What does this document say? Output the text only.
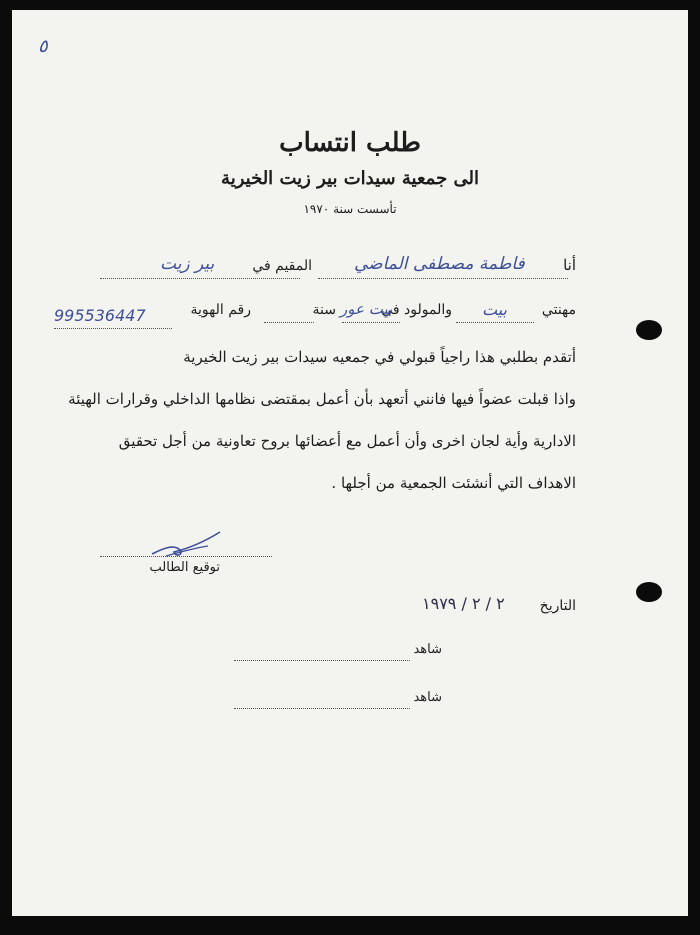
٥
طلب انتساب
الى جمعية سيدات بير زيت الخيرية
تأسست سنة ١٩٧٠
أنا
فاطمة مصطفى الماضي
المقيم في
بير زيت
مهنتي
بيت
والمولود في
بيت عور
سنة
رقم الهوية
995536447
أتقدم بطلبي هذا راجياً قبولي في جمعيه سيدات بير زيت الخيرية
واذا قبلت عضواً فيها فانني أتعهد بأن أعمل بمقتضى نظامها الداخلي وقرارات الهيئة
الادارية وأية لجان اخرى وأن أعمل مع أعضائها بروح تعاونية من أجل تحقيق
الاهداف التي أنشئت الجمعية من أجلها .
توقيع الطالب
التاريخ
٢ / ٢ / ١٩٧٩
شاهد
شاهد
